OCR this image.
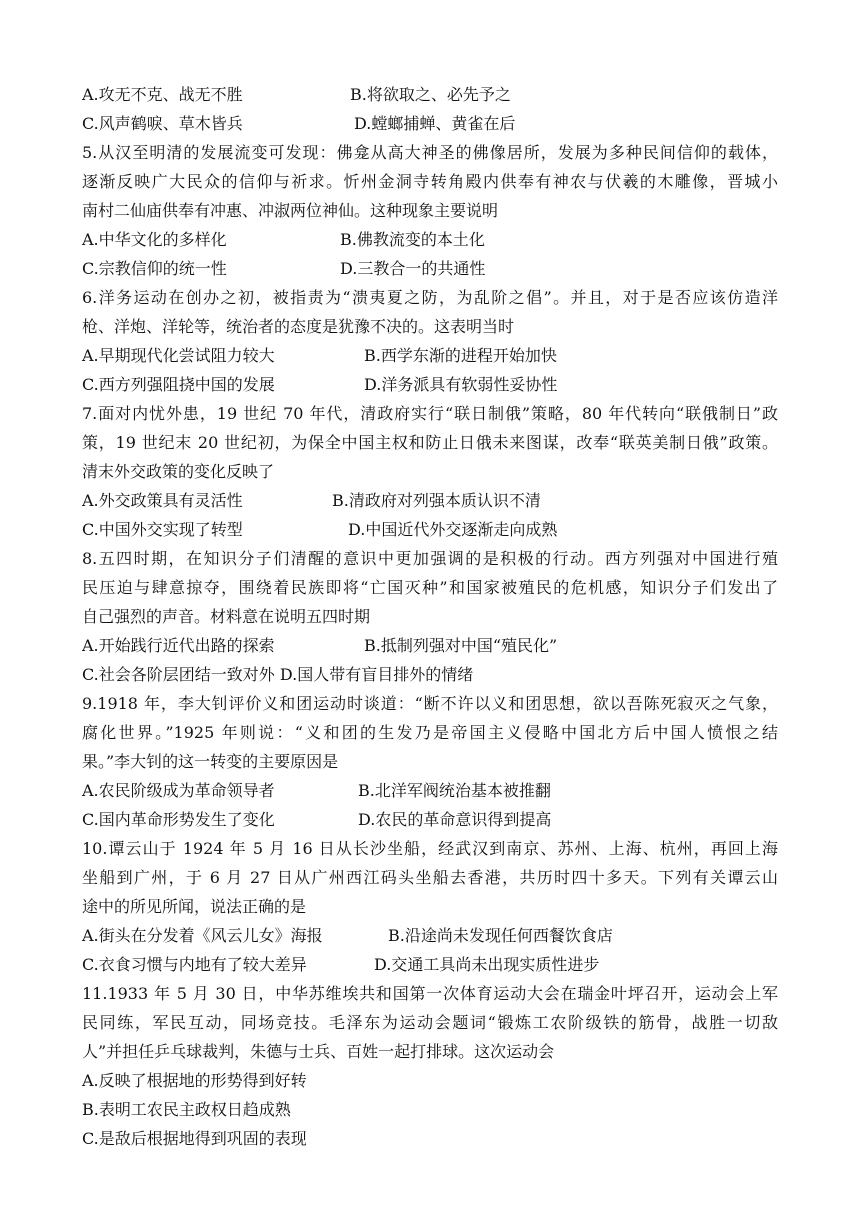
A.攻无不克、战无不胜	B.将欲取之、必先予之
C.风声鹤唳、草木皆兵	D.螳螂捕蝉、黄雀在后
5.从汉至明清的发展流变可发现：佛龛从高大神圣的佛像居所，发展为多种民间信仰的载体，
逐渐反映广大民众的信仰与祈求。忻州金洞寺转角殿内供奉有神农与伏羲的木雕像，晋城小
南村二仙庙供奉有冲惠、冲淑两位神仙。这种现象主要说明
A.中华文化的多样化	B.佛教流变的本土化
C.宗教信仰的统一性	D.三教合一的共通性
6.洋务运动在创办之初，被指责为“溃夷夏之防，为乱阶之倡”。并且，对于是否应该仿造洋
枪、洋炮、洋轮等，统治者的态度是犹豫不决的。这表明当时
A.早期现代化尝试阻力较大	B.西学东渐的进程开始加快
C.西方列强阻挠中国的发展	D.洋务派具有软弱性妥协性
7.面对内忧外患，19 世纪 70 年代，清政府实行“联日制俄”策略，80 年代转向“联俄制日”政
策，19 世纪末 20 世纪初，为保全中国主权和防止日俄未来图谋，改奉“联英美制日俄”政策。
清末外交政策的变化反映了
A.外交政策具有灵活性	B.清政府对列强本质认识不清
C.中国外交实现了转型	D.中国近代外交逐渐走向成熟
8.五四时期，在知识分子们清醒的意识中更加强调的是积极的行动。西方列强对中国进行殖
民压迫与肆意掠夺，围绕着民族即将“亡国灭种”和国家被殖民的危机感，知识分子们发出了
自己强烈的声音。材料意在说明五四时期
A.开始践行近代出路的探索	B.抵制列强对中国“殖民化”
C.社会各阶层团结一致对外 D.国人带有盲目排外的情绪
9.1918 年，李大钊评价义和团运动时谈道：“断不许以义和团思想，欲以吾陈死寂灭之气象，
腐化世界。”1925 年则说：“义和团的生发乃是帝国主义侵略中国北方后中国人愤恨之结
果。”李大钊的这一转变的主要原因是
A.农民阶级成为革命领导者	B.北洋军阀统治基本被推翻
C.国内革命形势发生了变化	D.农民的革命意识得到提高
10.谭云山于 1924 年 5 月 16 日从长沙坐船，经武汉到南京、苏州、上海、杭州，再回上海
坐船到广州，于 6 月 27 日从广州西江码头坐船去香港，共历时四十多天。下列有关谭云山
途中的所见所闻，说法正确的是
A.街头在分发着《风云儿女》海报	B.沿途尚未发现任何西餐饮食店
C.衣食习惯与内地有了较大差异	D.交通工具尚未出现实质性进步
11.1933 年 5 月 30 日，中华苏维埃共和国第一次体育运动大会在瑞金叶坪召开，运动会上军
民同练，军民互动，同场竞技。毛泽东为运动会题词“锻炼工农阶级铁的筋骨，战胜一切敌
人”并担任乒乓球裁判，朱德与士兵、百姓一起打排球。这次运动会
A.反映了根据地的形势得到好转
B.表明工农民主政权日趋成熟
C.是敌后根据地得到巩固的表现
